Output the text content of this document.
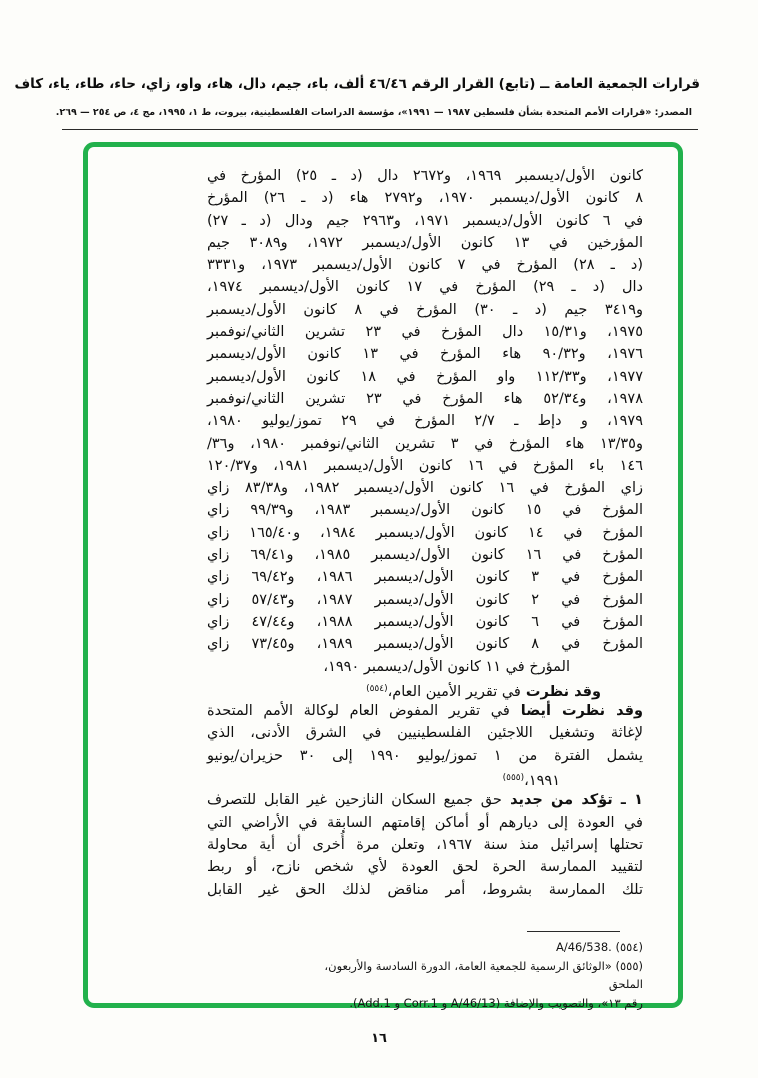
قرارات الجمعية العامة ــ (تابع) القرار الرقم ٤٦/٤٦ ألف، باء، جيم، دال، هاء، واو، زاي، حاء، طاء، ياء، كاف
المصدر: «قرارات الأمم المتحدة بشأن فلسطين ١٩٨٧ — ١٩٩١»، مؤسسة الدراسات الفلسطينية، بيروت، ط ١، ١٩٩٥، مج ٤، ص ٢٥٤ — ٢٦٩.
كانون الأول/ديسمبر ١٩٦٩، و٢٦٧٢ دال (د ـ ٢٥) المؤرخ في
٨ كانون الأول/ديسمبر ١٩٧٠، و٢٧٩٢ هاء (د ـ ٢٦) المؤرخ
في ٦ كانون الأول/ديسمبر ١٩٧١، و٢٩٦٣ جيم ودال (د ـ ٢٧)
المؤرخين في ١٣ كانون الأول/ديسمبر ١٩٧٢، و٣٠٨٩ جيم
(د ـ ٢٨) المؤرخ في ٧ كانون الأول/ديسمبر ١٩٧٣، و٣٣٣١
دال (د ـ ٢٩) المؤرخ في ١٧ كانون الأول/ديسمبر ١٩٧٤،
و٣٤١٩ جيم (د ـ ٣٠) المؤرخ في ٨ كانون الأول/ديسمبر
١٩٧٥، و١٥/٣١ دال المؤرخ في ٢٣ تشرين الثاني/نوفمبر
١٩٧٦، و٩٠/٣٢ هاء المؤرخ في ١٣ كانون الأول/ديسمبر
١٩٧٧، و١١٢/٣٣ واو المؤرخ في ١٨ كانون الأول/ديسمبر
١٩٧٨، و٥٢/٣٤ هاء المؤرخ في ٢٣ تشرين الثاني/نوفمبر
١٩٧٩، و دإط ـ ٢/٧ المؤرخ في ٢٩ تموز/يوليو ١٩٨٠،
و١٣/٣٥ هاء المؤرخ في ٣ تشرين الثاني/نوفمبر ١٩٨٠، و٣٦/
١٤٦ باء المؤرخ في ١٦ كانون الأول/ديسمبر ١٩٨١، و١٢٠/٣٧
زاي المؤرخ في ١٦ كانون الأول/ديسمبر ١٩٨٢، و٨٣/٣٨ زاي
المؤرخ في ١٥ كانون الأول/ديسمبر ١٩٨٣، و٩٩/٣٩ زاي
المؤرخ في ١٤ كانون الأول/ديسمبر ١٩٨٤، و١٦٥/٤٠ زاي
المؤرخ في ١٦ كانون الأول/ديسمبر ١٩٨٥، و٦٩/٤١ زاي
المؤرخ في ٣ كانون الأول/ديسمبر ١٩٨٦، و٦٩/٤٢ زاي
المؤرخ في ٢ كانون الأول/ديسمبر ١٩٨٧، و٥٧/٤٣ زاي
المؤرخ في ٦ كانون الأول/ديسمبر ١٩٨٨، و٤٧/٤٤ زاي
المؤرخ في ٨ كانون الأول/ديسمبر ١٩٨٩، و٧٣/٤٥ زاي
المؤرخ في ١١ كانون الأول/ديسمبر ١٩٩٠،
وقد نظرت في تقرير الأمين العام،$^{(٥٥٤)}$
وقد نظرت أيضا في تقرير المفوض العام لوكالة الأمم المتحدة
لإغاثة وتشغيل اللاجئين الفلسطينيين في الشرق الأدنى، الذي
يشمل الفترة من ١ تموز/يوليو ١٩٩٠ إلى ٣٠ حزيران/يونيو
١٩٩١،$^{(٥٥٥)}$
١ ـ تؤكد من جديد حق جميع السكان النازحين غير القابل للتصرف
في العودة إلى ديارهم أو أماكن إقامتهم السابقة في الأراضي التي
تحتلها إسرائيل منذ سنة ١٩٦٧، وتعلن مرة أُخرى أن أية محاولة
لتقييد الممارسة الحرة لحق العودة لأي شخص نازح، أو ربط
تلك الممارسة بشروط، أمر مناقض لذلك الحق غير القابل
(٥٥٤) A/46/538.
(٥٥٥) «الوثائق الرسمية للجمعية العامة، الدورة السادسة والأربعون، الملحق
رقم ١٣»، والتصويب والإضافة (A/46/13 و Corr.1 و Add.1).
١٦
